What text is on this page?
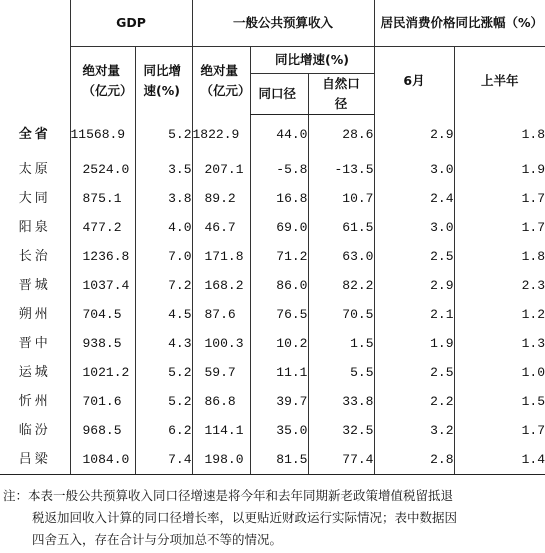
	GDP		一般公共预算收入			居民消费价格同比涨幅（%）	
	绝对量（亿元）	同比增速(%)	绝对量（亿元）	同比增速(%)		6月	上半年
				同口径	自然口径		
全省	11568.9	5.2	1822.9	44.0	28.6	2.9	1.8
太原	2524.0	3.5	207.1	-5.8	-13.5	3.0	1.9
大同	875.1	3.8	89.2	16.8	10.7	2.4	1.7
阳泉	477.2	4.0	46.7	69.0	61.5	3.0	1.7
长治	1236.8	7.0	171.8	71.2	63.0	2.5	1.8
晋城	1037.4	7.2	168.2	86.0	82.2	2.9	2.3
朔州	704.5	4.5	87.6	76.5	70.5	2.1	1.2
晋中	938.5	4.3	100.3	10.2	1.5	1.9	1.3
运城	1021.2	5.2	59.7	11.1	5.5	2.5	1.0
忻州	701.6	5.2	86.8	39.7	33.8	2.2	1.5
临汾	968.5	6.2	114.1	35.0	32.5	3.2	1.7
吕梁	1084.0	7.4	198.0	81.5	77.4	2.8	1.4
注：本表一般公共预算收入同口径增速是将今年和去年同期新老政策增值税留抵退
税返加回收入计算的同口径增长率，以更贴近财政运行实际情况；表中数据因
四舍五入，存在合计与分项加总不等的情况。
